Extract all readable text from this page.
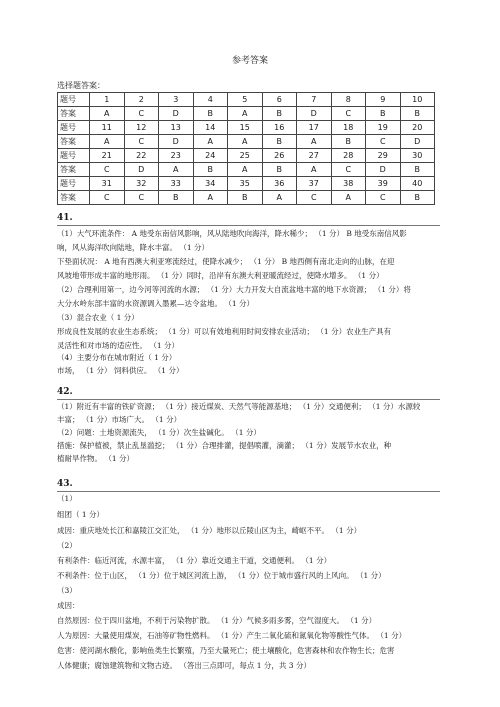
参考答案
选择题答案：
题号	1	2	3	4	5	6	7	8	9	10
答案	A	C	D	B	A	B	D	C	B	B
题号	11	12	13	14	15	16	17	18	19	20
答案	A	C	D	A	A	B	A	B	C	D
题号	21	22	23	24	25	26	27	28	29	30
答案	C	D	A	B	A	B	A	C	D	B
题号	31	32	33	34	35	36	37	38	39	40
答案	C	C	B	A	B	A	C	A	C	B
41.
（1）大气环流条件： A 地受东南信风影响，风从陆地吹向海洋，降水稀少； （1 分） B 地受东南信风影
响，风从海洋吹向陆地，降水丰富。 （1 分）
下垫面状况： A 地有西澳大利亚寒流经过，使降水减少； （1 分） B 地西侧有南北走向的山脉，在迎
风坡地带形成丰富的地形雨。 （1 分）同时，沿岸有东澳大利亚暖流经过，使降水增多。 （1 分）
（2）合理利用第一，边今河等河流的水源； （1 分）大力开发大自流盆地丰富的地下水资源； （1 分）将
大分水岭东部丰富的水资源调入墨累—达令盆地。 （1 分）
（3）混合农业（ 1 分）
形成良性发展的农业生态系统； （1 分）可以有效地利用时间安排农业活动； （1 分）农业生产具有
灵活性和对市场的适应性。 （1 分）
（4）主要分布在城市附近（ 1 分）
市场， （1 分） 饲料供应。 （1 分）
42.
（1）附近有丰富的铁矿资源； （1 分）接近煤炭、天然气等能源基地； （1 分）交通便利； （1 分）水源较
丰富； （1 分）市场广大。 （1 分）
（2）问题：土地资源流失， （1 分）次生盐碱化。 （1 分）
措施：保护植被，禁止乱垦滥挖； （1 分）合理排灌，提倡喷灌，滴灌； （1 分）发展节水农业，种
植耐旱作物。 （1 分）
43.
（1）
组团（ 1 分）
成因：重庆地处长江和嘉陵江交汇处， （1 分）地形以丘陵山区为主，崎岖不平。 （1 分）
（2）
有利条件：临近河流，水源丰富， （1 分）靠近交通主干道，交通便利。 （1 分）
不利条件：位于山区， （1 分）位于城区河流上游， （1 分）位于城市盛行风的上风向。 （1 分）
（3）
成因：
自然原因：位于四川盆地，不利于污染物扩散。 （1 分）气候多雨多雾，空气湿度大。 （1 分）
人为原因：大量使用煤炭，石油等矿物性燃料。 （1 分）产生二氧化硫和氮氧化物等酸性气体。 （1 分）
危害：使河湖水酸化，影响鱼类生长繁殖，乃至大量死亡；使土壤酸化，危害森林和农作物生长；危害
人体健康；腐蚀建筑物和文物古迹。 （答出三点即可，每点 1 分，共 3 分）
